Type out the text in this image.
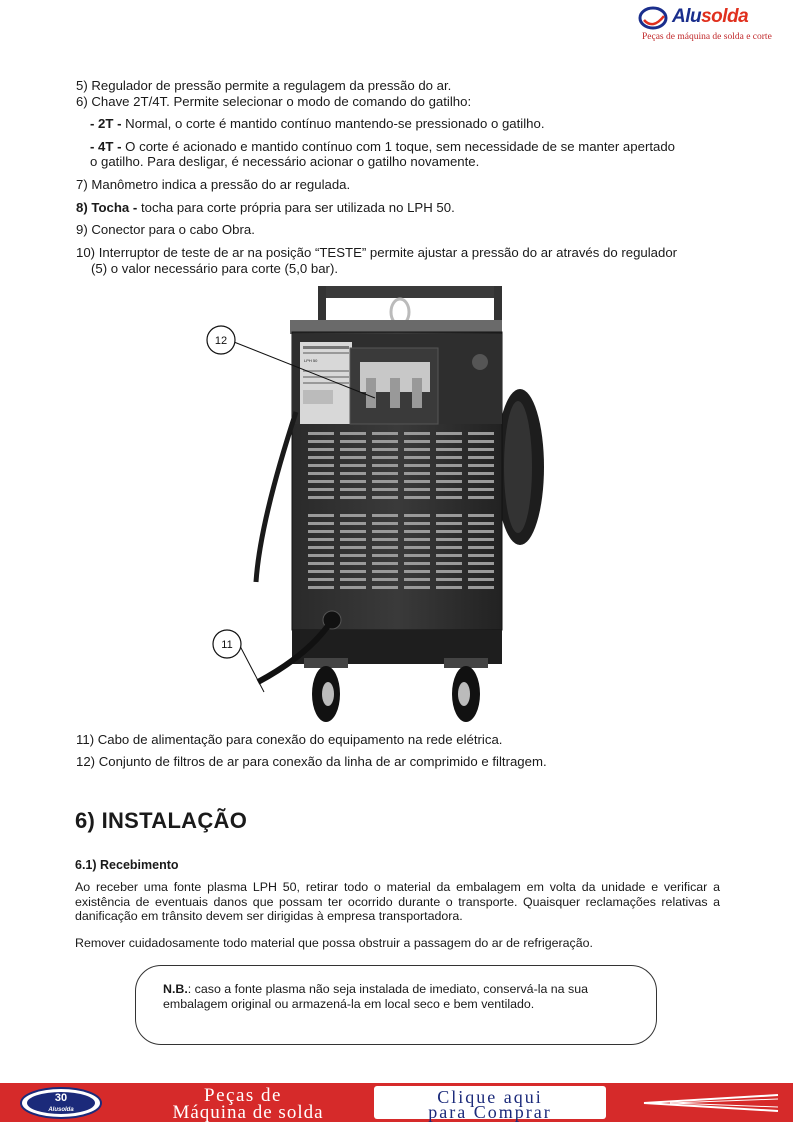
Alusolda
Peças de máquina de solda e corte
5) Regulador de pressão permite a regulagem da pressão do ar.
6) Chave 2T/4T. Permite selecionar o modo de comando do gatilho:
- 2T - Normal, o corte é mantido contínuo mantendo-se pressionado o gatilho.
- 4T - O corte é acionado e mantido contínuo com 1 toque, sem necessidade de se manter apertado
o gatilho. Para desligar, é necessário acionar o gatilho novamente.
7) Manômetro indica a pressão do ar regulada.
8) Tocha - tocha para corte própria para ser utilizada no LPH 50.
9) Conector para o cabo Obra.
10) Interruptor de teste de ar na posição “TESTE” permite ajustar a pressão do ar através do regulador
(5) o valor necessário para corte (5,0 bar).
LPH 50
12
11
11) Cabo de alimentação para conexão do equipamento na rede elétrica.
12) Conjunto de filtros de ar para conexão da linha de ar comprimido e filtragem.
6) INSTALAÇÃO
6.1) Recebimento
Ao receber uma fonte plasma LPH 50, retirar todo o material da embalagem em volta da unidade e verificar a existência de eventuais danos que possam ter ocorrido durante o transporte. Quaisquer reclamações relativas a danificação em trânsito devem ser dirigidas à empresa transportadora.
Remover cuidadosamente todo material que possa obstruir a passagem do ar de refrigeração.
N.B.: caso a fonte plasma não seja instalada de imediato, conservá-la na sua embalagem original ou armazená-la em local seco e bem ventilado.
30
Alusolda
Peças de
Máquina de solda
Clique aqui
para Comprar
